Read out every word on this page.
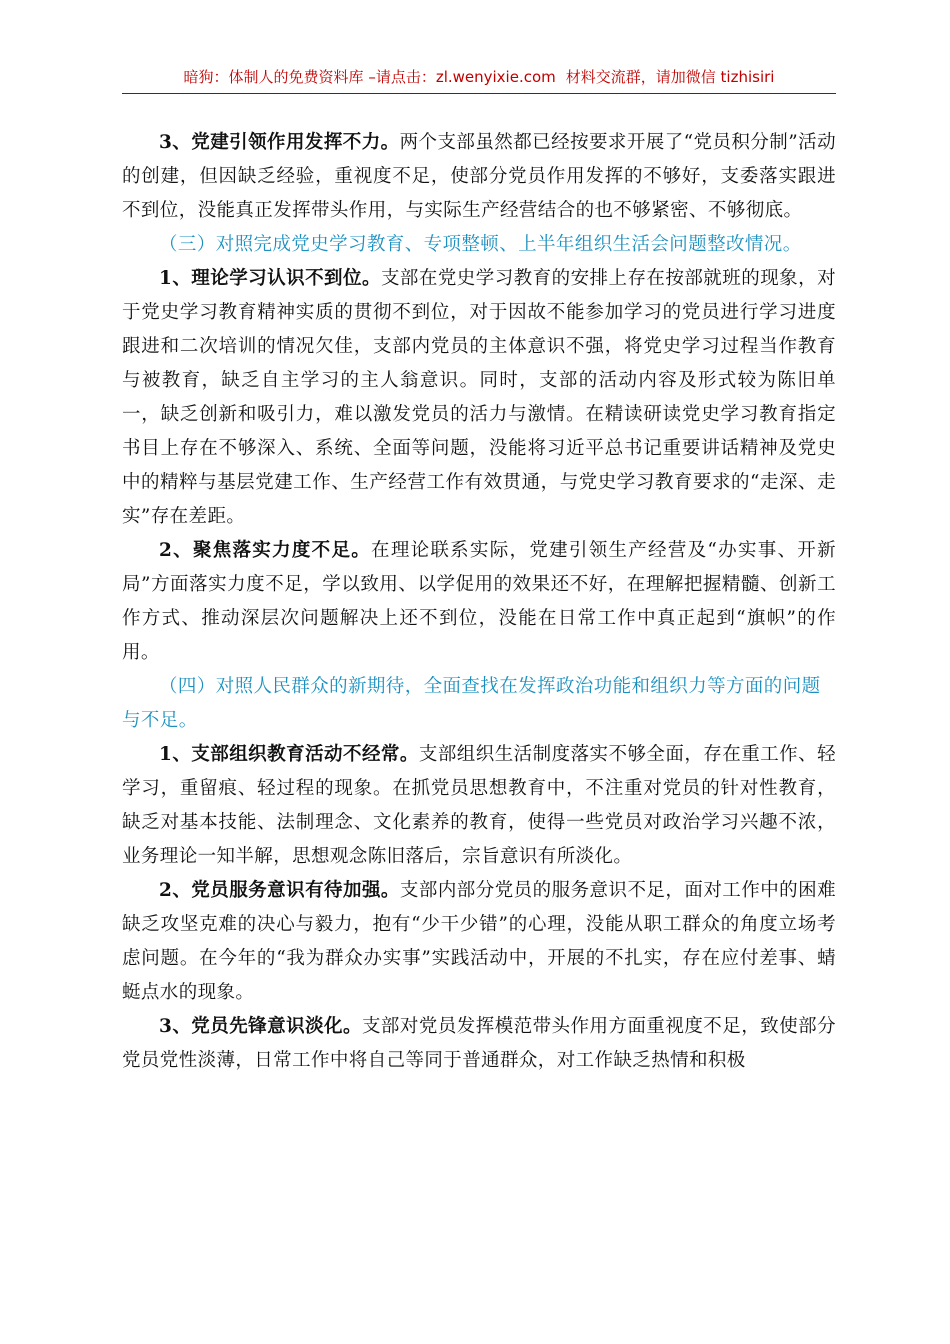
暗狗：体制人的免费资料库 –请点击：zl.wenyixie.com 材料交流群，请加微信 tizhisiri

3、党建引领作用发挥不力。两个支部虽然都已经按要求开展了“党员积分制”活动的创建，但因缺乏经验，重视度不足，使部分党员作用发挥的不够好，支委落实跟进不到位，没能真正发挥带头作用，与实际生产经营结合的也不够紧密、不够彻底。

（三）对照完成党史学习教育、专项整顿、上半年组织生活会问题整改情况。

1、理论学习认识不到位。支部在党史学习教育的安排上存在按部就班的现象，对于党史学习教育精神实质的贯彻不到位，对于因故不能参加学习的党员进行学习进度跟进和二次培训的情况欠佳，支部内党员的主体意识不强，将党史学习过程当作教育与被教育，缺乏自主学习的主人翁意识。同时，支部的活动内容及形式较为陈旧单一，缺乏创新和吸引力，难以激发党员的活力与激情。在精读研读党史学习教育指定书目上存在不够深入、系统、全面等问题，没能将习近平总书记重要讲话精神及党史中的精粹与基层党建工作、生产经营工作有效贯通，与党史学习教育要求的“走深、走实”存在差距。

2、聚焦落实力度不足。在理论联系实际，党建引领生产经营及“办实事、开新局”方面落实力度不足，学以致用、以学促用的效果还不好，在理解把握精髓、创新工作方式、推动深层次问题解决上还不到位，没能在日常工作中真正起到“旗帜”的作用。

（四）对照人民群众的新期待，全面查找在发挥政治功能和组织力等方面的问题与不足。

1、支部组织教育活动不经常。支部组织生活制度落实不够全面，存在重工作、轻学习，重留痕、轻过程的现象。在抓党员思想教育中，不注重对党员的针对性教育，缺乏对基本技能、法制理念、文化素养的教育，使得一些党员对政治学习兴趣不浓，业务理论一知半解，思想观念陈旧落后，宗旨意识有所淡化。

2、党员服务意识有待加强。支部内部分党员的服务意识不足，面对工作中的困难缺乏攻坚克难的决心与毅力，抱有“少干少错”的心理，没能从职工群众的角度立场考虑问题。在今年的“我为群众办实事”实践活动中，开展的不扎实，存在应付差事、蜻蜓点水的现象。

3、党员先锋意识淡化。支部对党员发挥模范带头作用方面重视度不足，致使部分党员党性淡薄，日常工作中将自己等同于普通群众，对工作缺乏热情和积极
